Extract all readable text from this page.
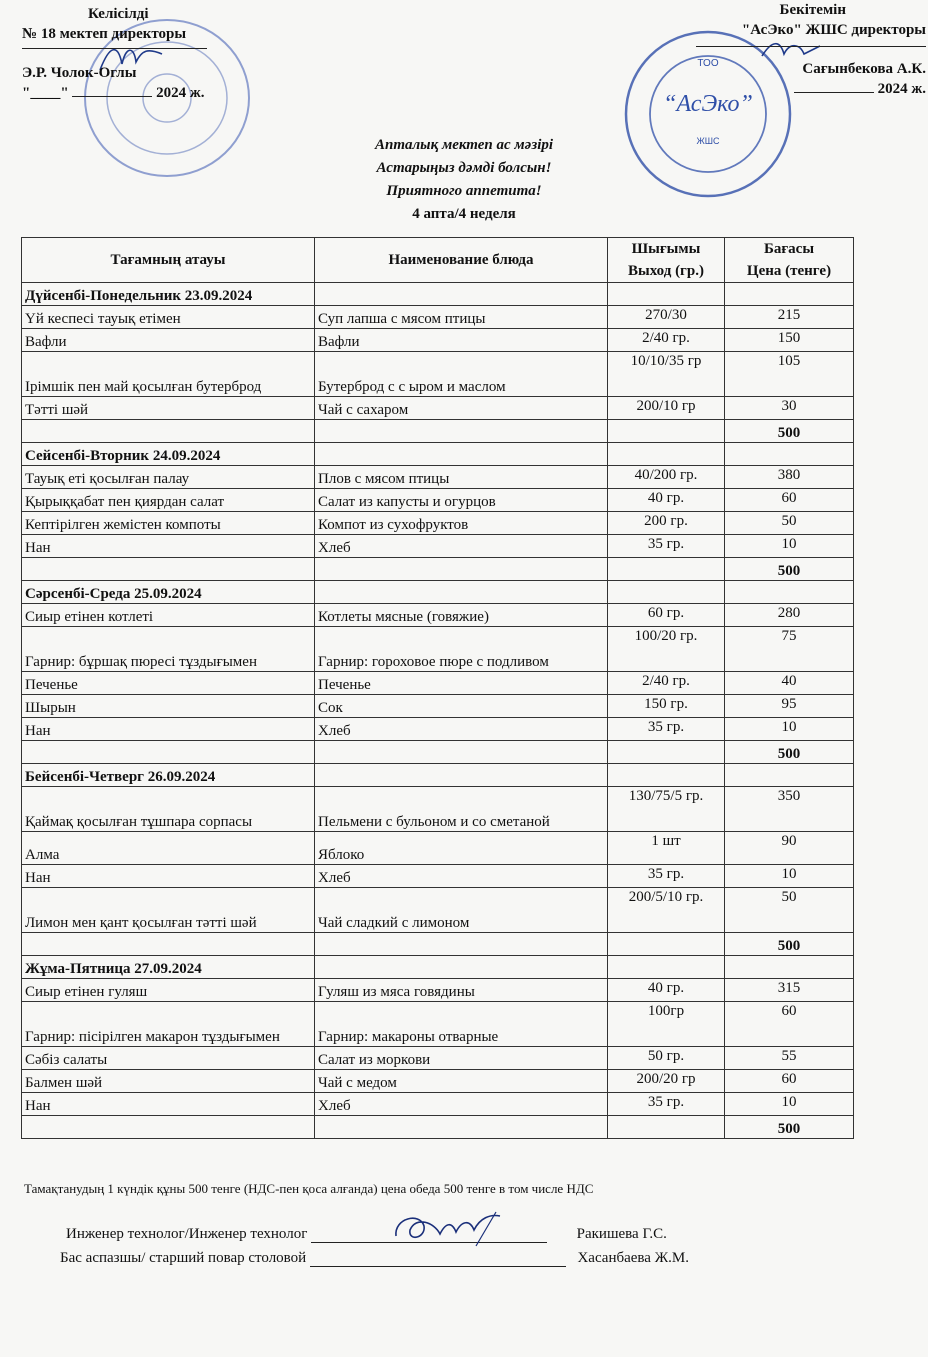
ТОО
“АсЭко”
ЖШС
Келісілді
№ 18 мектеп директоры
Э.Р. Чолок-Оглы
"____"	2024 ж.
Бекітемін
"АсЭко" ЖШС директоры
Сағынбекова А.К.
2024 ж.
Апталық мектеп ас мәзірі
Астарыңыз дәмді болсын!
Приятного аппетита!
4 апта/4 неделя
Тағамның атауы	Наименование блюда	Шығымы	Бағасы
		Выход (гр.)	Цена (тенге)
Дүйсенбі-Понедельник 23.09.2024			
Үй кеспесі тауық етімен	Суп лапша с мясом птицы	270/30	215
Вафли	Вафли	2/40 гр.	150
Ірімшік пен май қосылған бутерброд	Бутерброд с с ыром и маслом	10/10/35 гр	105
Тәтті шәй	Чай с сахаром	200/10 гр	30
			500
Сейсенбі-Вторник 24.09.2024			
Тауық еті қосылған палау	Плов с мясом птицы	40/200 гр.	380
Қырыққабат пен қиярдан салат	Салат из капусты и огурцов	40 гр.	60
Кептірілген жемістен компоты	Компот из сухофруктов	200 гр.	50
Нан	Хлеб	35 гр.	10
			500
Сәрсенбі-Среда 25.09.2024			
Сиыр етінен котлеті	Котлеты мясные (говяжие)	60 гр.	280
Гарнир: бұршақ пюресі тұздығымен	Гарнир: гороховое пюре с подливом	100/20 гр.	75
Печенье	Печенье	2/40 гр.	40
Шырын	Сок	150 гр.	95
Нан	Хлеб	35 гр.	10
			500
Бейсенбі-Четверг 26.09.2024			
Қаймақ қосылған тұшпара сорпасы	Пельмени с бульоном и со сметаной	130/75/5 гр.	350
Алма	Яблоко	1 шт	90
Нан	Хлеб	35 гр.	10
Лимон мен қант қосылған тәтті шәй	Чай сладкий с лимоном	200/5/10 гр.	50
			500
Жұма-Пятница 27.09.2024			
Сиыр етінен гуляш	Гуляш из мяса говядины	40 гр.	315
Гарнир: пісірілген макарон тұздығымен	Гарнир: макароны отварные	100гр	60
Сәбіз салаты	Салат из моркови	50 гр.	55
Балмен шәй	Чай с медом	200/20 гр	60
Нан	Хлеб	35 гр.	10
			500
Тамақтанудың 1 күндік құны 500 тенге (НДС-пен қоса алғанда) цена обеда 500 тенге в том числе НДС
Инженер технолог/Инженер технолог	Ракишева Г.С.
Бас аспазшы/ старший повар столовой	Хасанбаева Ж.М.
